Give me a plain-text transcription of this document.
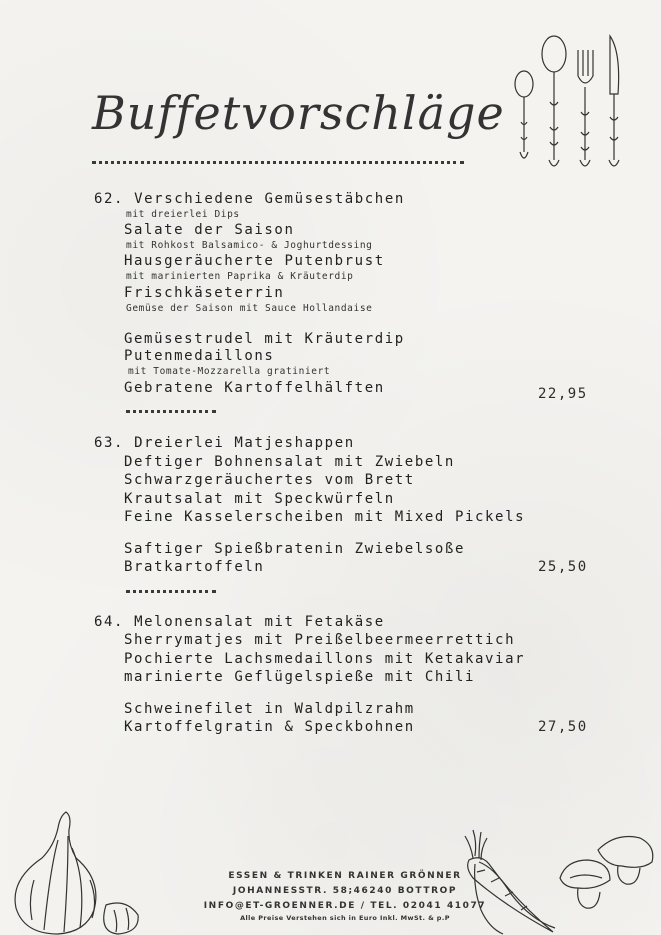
Buffetvorschläge
62. Verschiedene Gemüsestäbchen
mit dreierlei Dips
Salate der Saison
mit Rohkost Balsamico- & Joghurtdessing
Hausgeräucherte Putenbrust
mit marinierten Paprika & Kräuterdip
Frischkäseterrin
Gemüse der Saison mit Sauce Hollandaise
Gemüsestrudel mit Kräuterdip
Putenmedaillons
mit Tomate-Mozzarella gratiniert
Gebratene Kartoffelhälften	22,95
63. Dreierlei Matjeshappen
Deftiger Bohnensalat mit Zwiebeln
Schwarzgeräuchertes vom Brett
Krautsalat mit Speckwürfeln
Feine Kasselerscheiben mit Mixed Pickels
Saftiger Spießbratenin Zwiebelsoße
Bratkartoffeln	25,50
64. Melonensalat mit Fetakäse
Sherrymatjes mit Preißelbeermeerrettich
Pochierte Lachsmedaillons mit Ketakaviar
marinierte Geflügelspieße mit Chili
Schweinefilet in Waldpilzrahm
Kartoffelgratin & Speckbohnen	27,50
ESSEN & TRINKEN RAINER GRÖNNER
JOHANNESSTR. 58;46240 BOTTROP
INFO@ET-GROENNER.DE / TEL. 02041 41077
Alle Preise Verstehen sich in Euro Inkl. MwSt. & p.P
